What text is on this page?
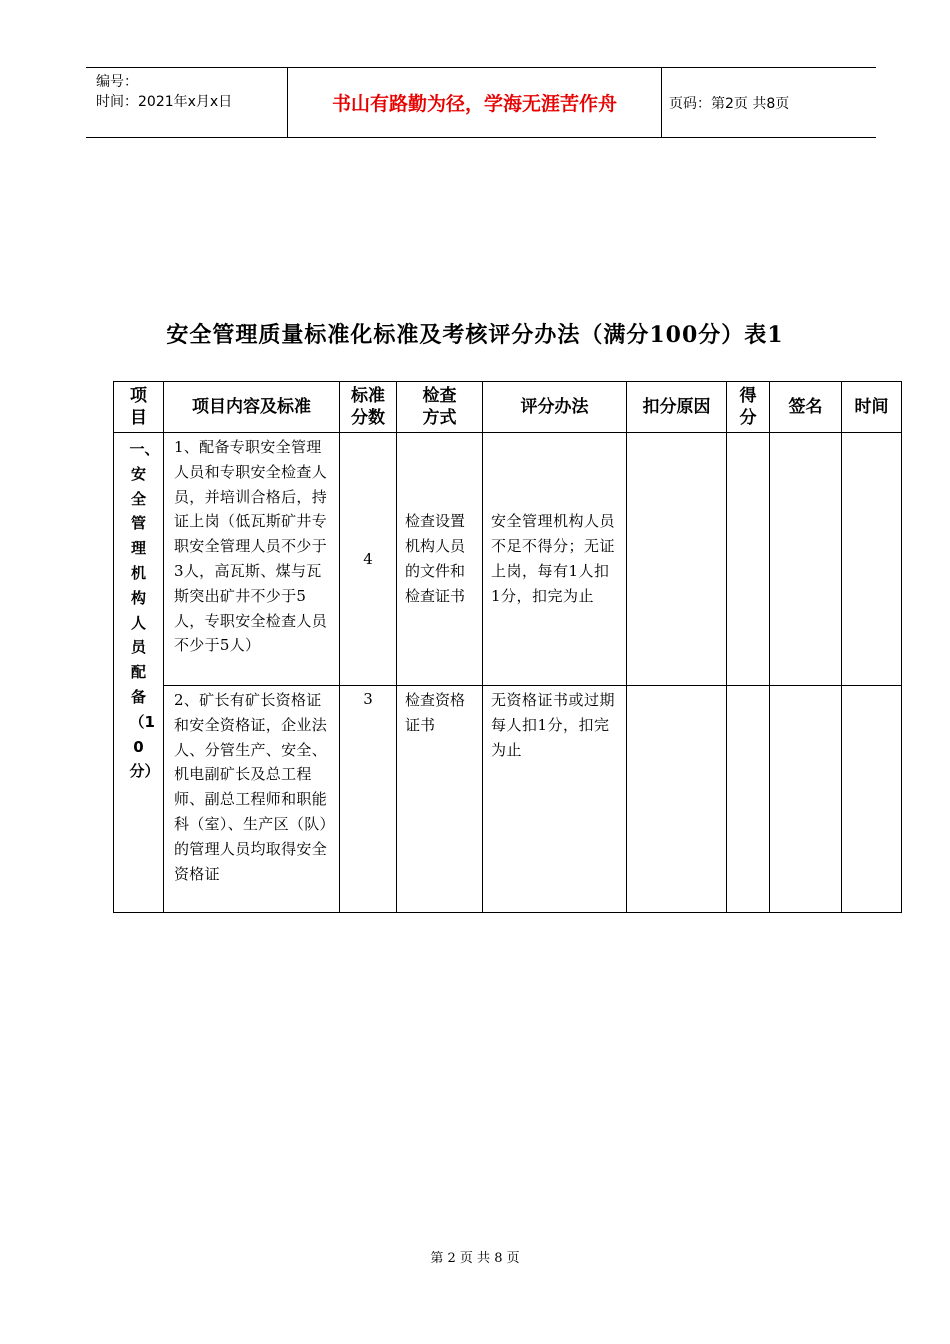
编号：
时间：2021年x月x日	书山有路勤为径，学海无涯苦作舟	页码：第2页 共8页
安全管理质量标准化标准及考核评分办法（满分100分）表1
项目	项目内容及标准	标准分数	检查方式	评分办法	扣分原因	得分	签名	时间

一、安全管理机构人员配备（10分）	1、配备专职安全管理人员和专职安全检查人员，并培训合格后，持证上岗（低瓦斯矿井专职安全管理人员不少于3人，高瓦斯、煤与瓦斯突出矿井不少于5人，专职安全检查人员不少于5人）	4	检查设置机构人员的文件和检查证书	安全管理机构人员不足不得分；无证上岗，每有1人扣1分，扣完为止				
	2、矿长有矿长资格证和安全资格证，企业法人、分管生产、安全、机电副矿长及总工程师、副总工程师和职能科（室）、生产区（队）的管理人员均取得安全资格证	3	检查资格证书	无资格证书或过期每人扣1分，扣完为止				
第 2 页 共 8 页
